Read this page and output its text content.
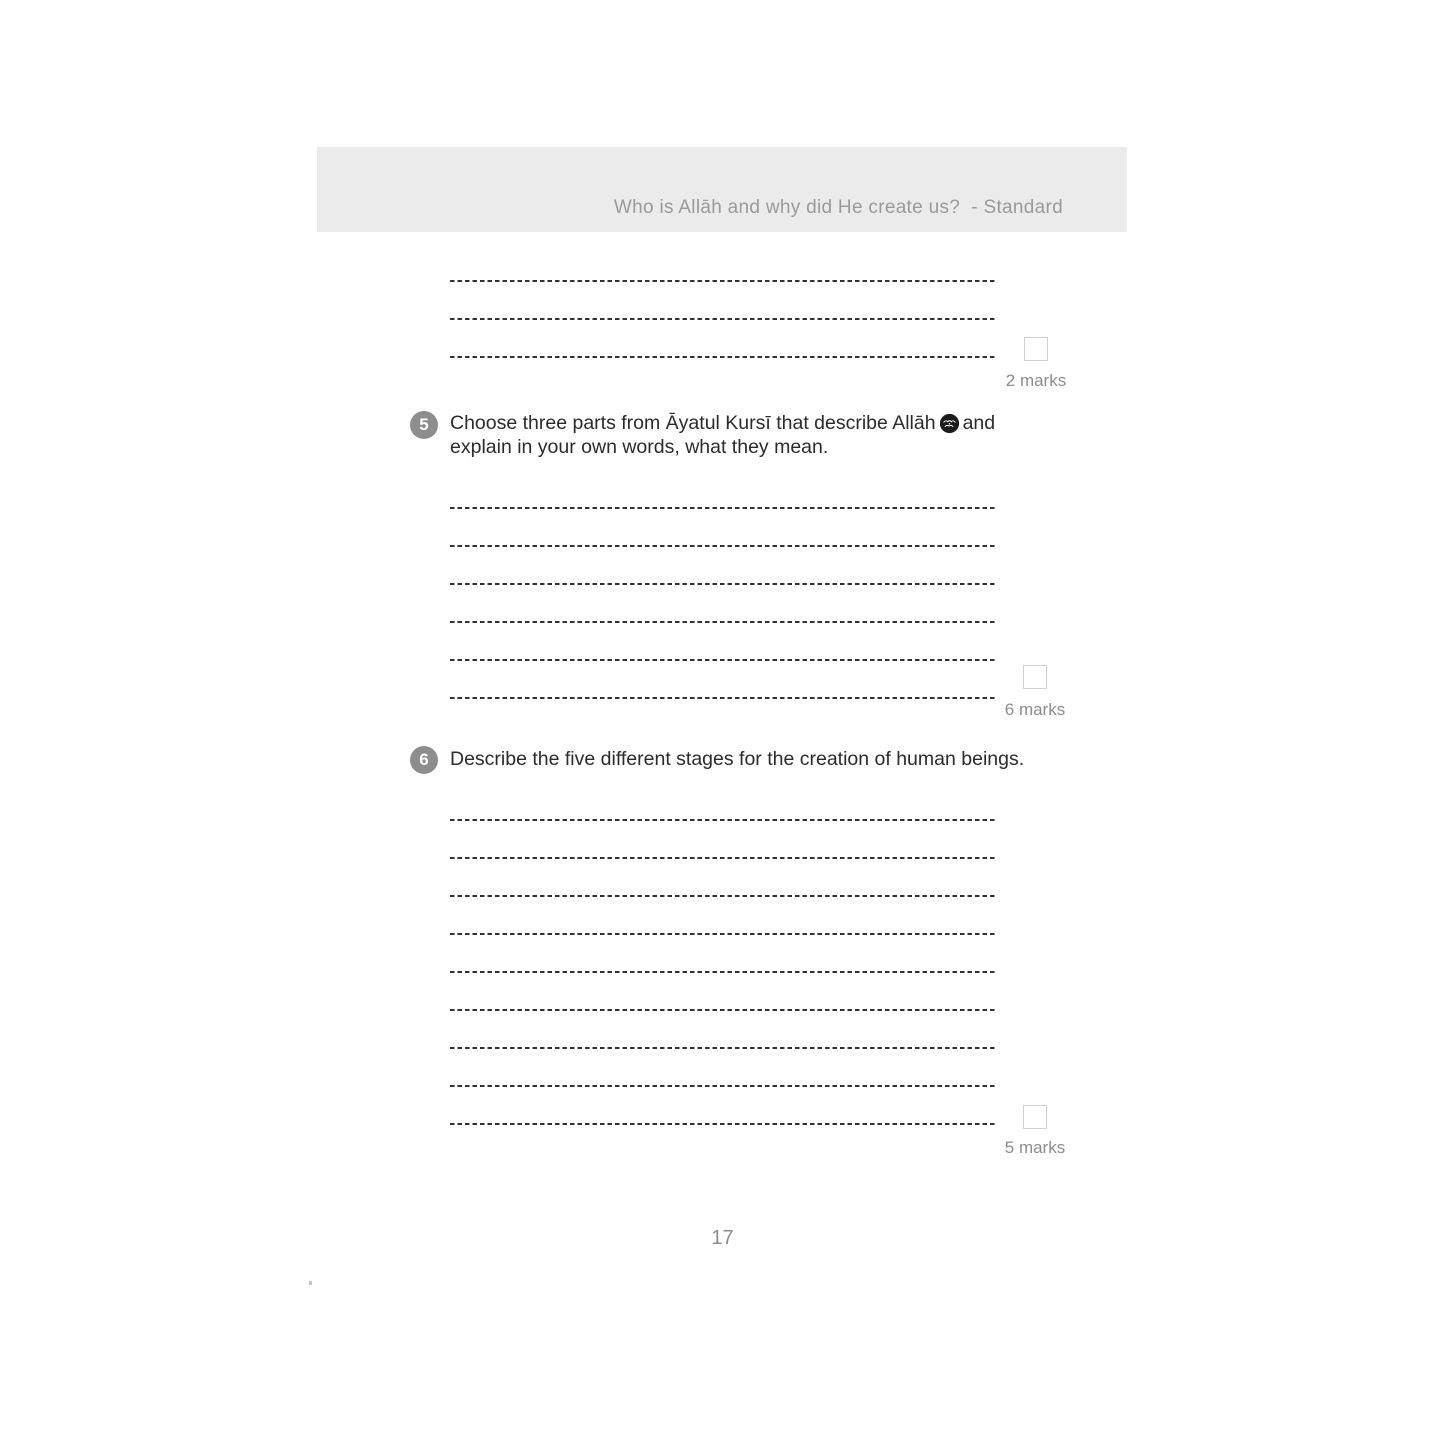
Who is Allāh and why did He create us?  - Standard
2 marks
5	Choose three parts from Āyatul Kursī that describe Allāh and explain in your own words, what they mean.

6 marks
6	Describe the five different stages for the creation of human beings.

5 marks
17
